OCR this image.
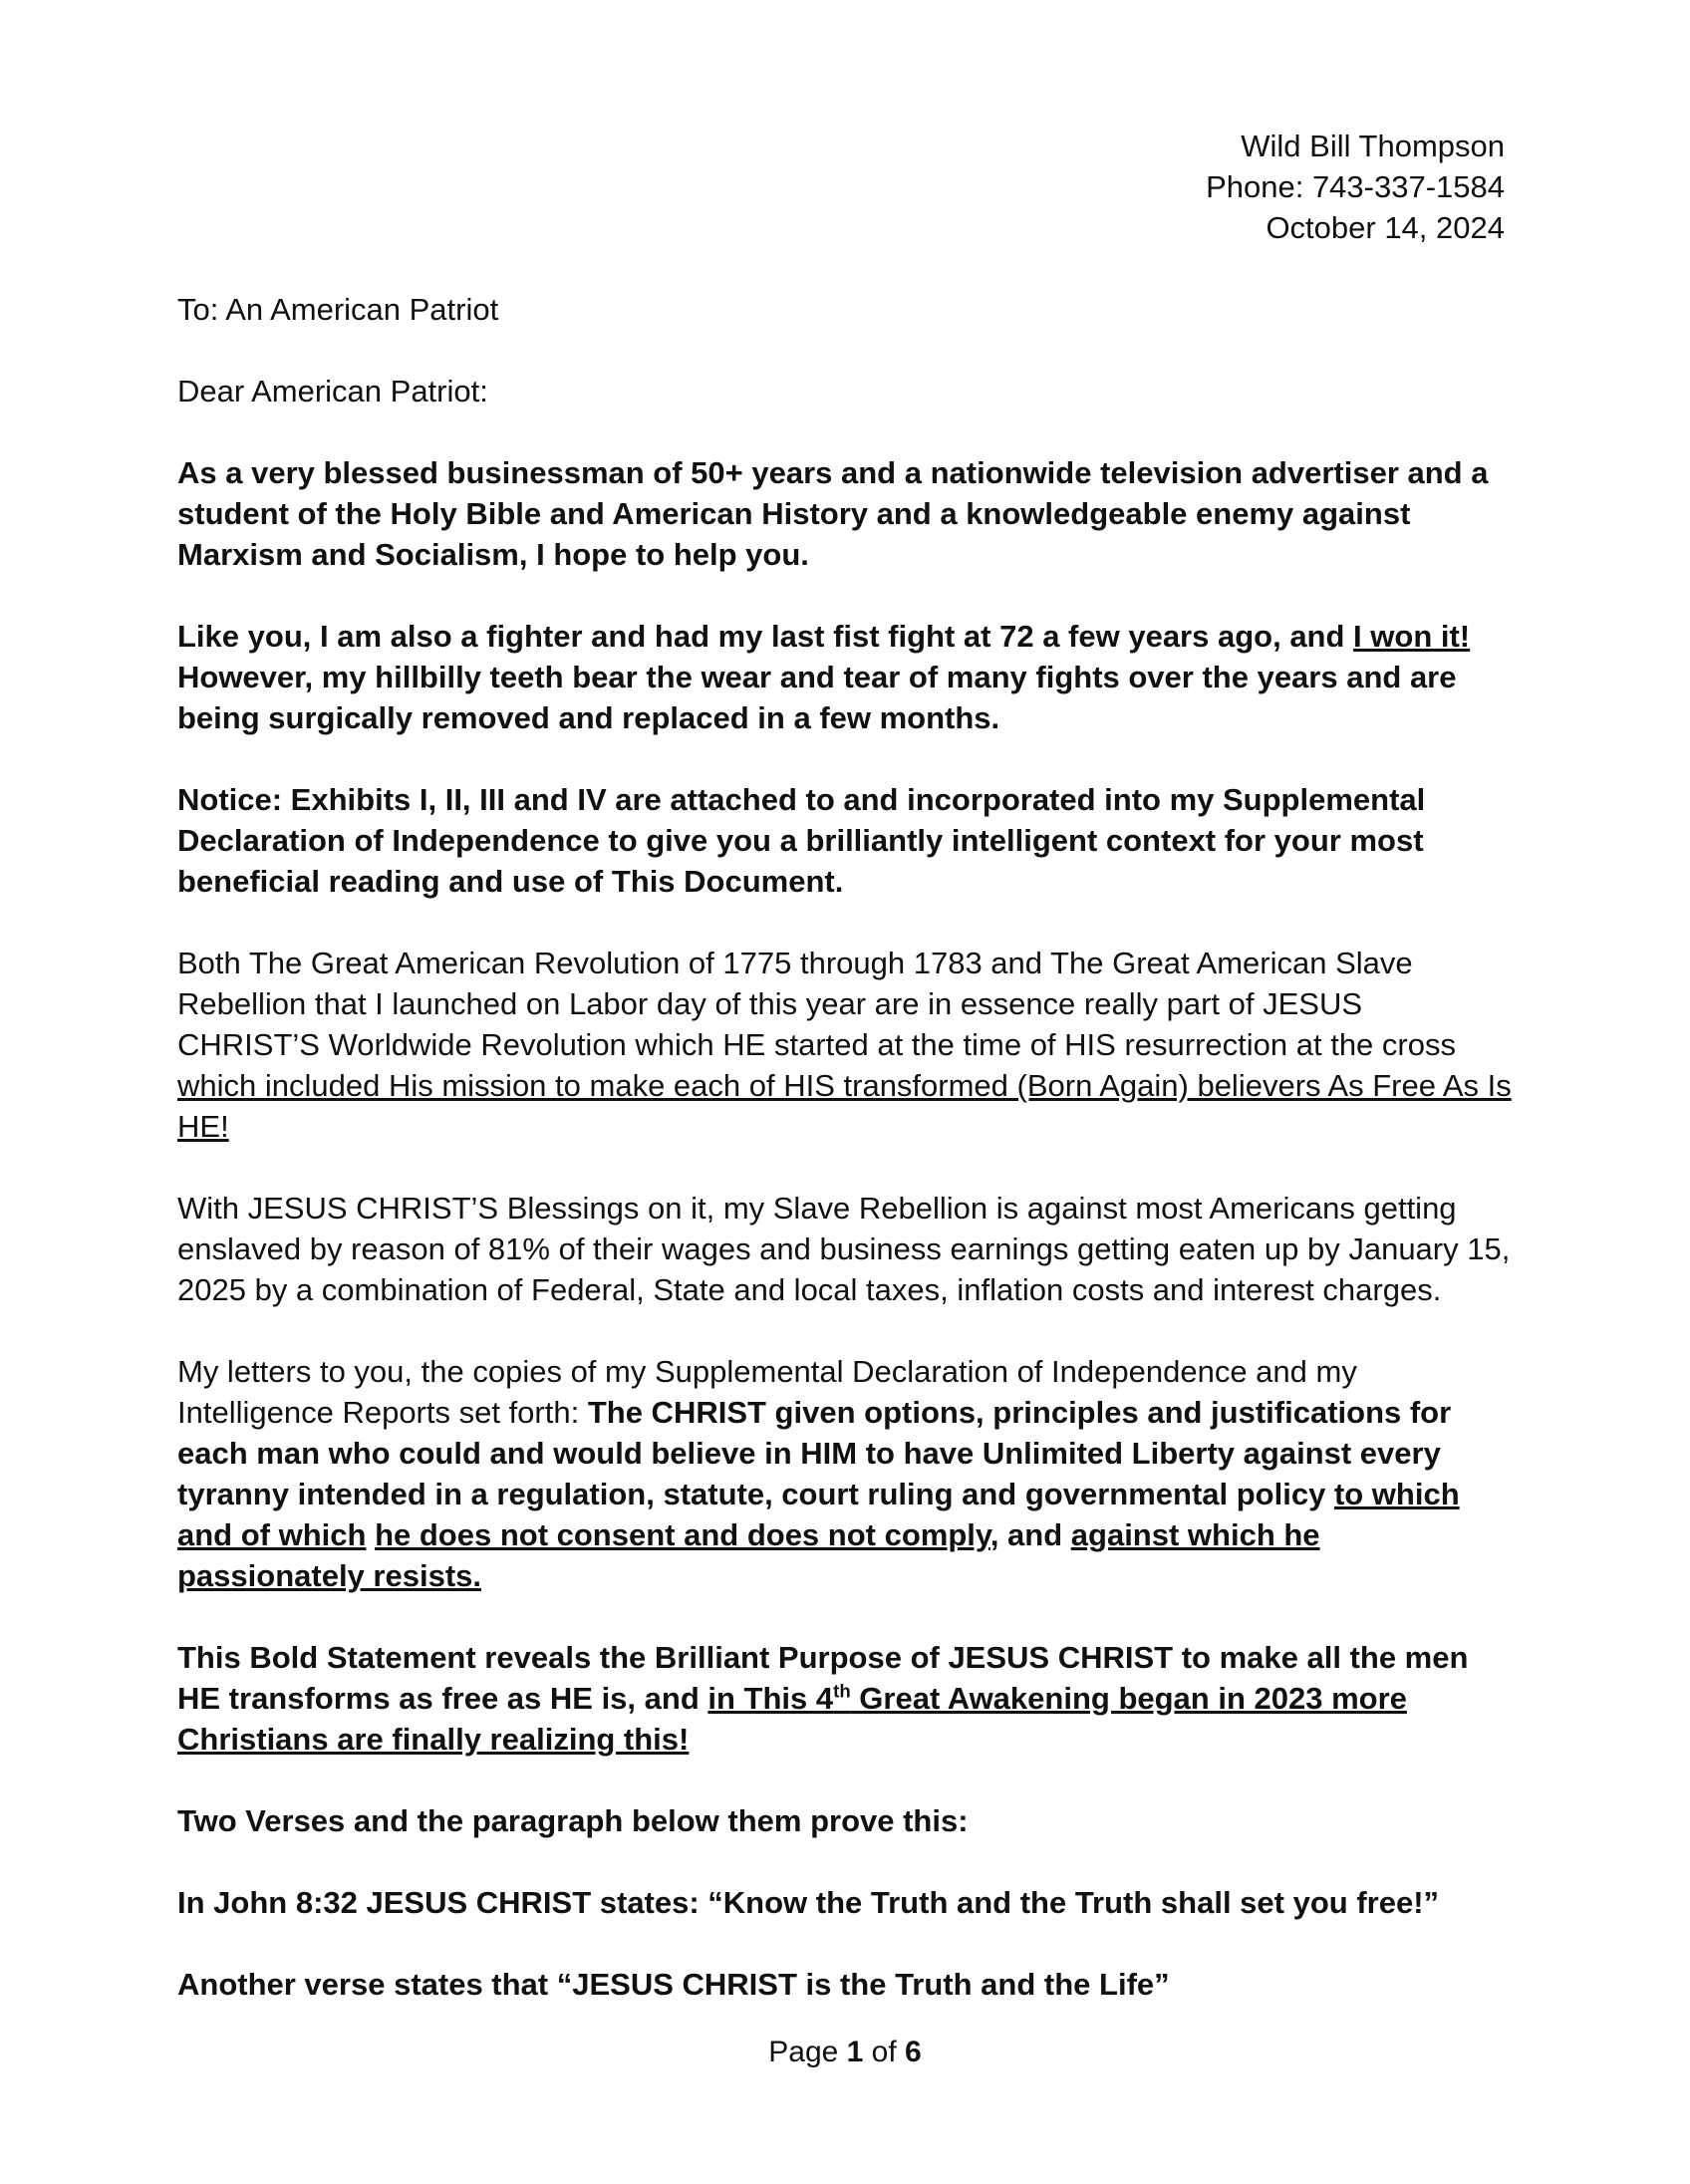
Wild Bill Thompson
Phone: 743-337-1584
October 14, 2024

To: An American Patriot

Dear American Patriot:

As a very blessed businessman of 50+ years and a nationwide television advertiser and a student of the Holy Bible and American History and a knowledgeable enemy against Marxism and Socialism, I hope to help you.

Like you, I am also a fighter and had my last fist fight at 72 a few years ago, and I won it! However, my hillbilly teeth bear the wear and tear of many fights over the years and are being surgically removed and replaced in a few months.

Notice: Exhibits I, II, III and IV are attached to and incorporated into my Supplemental Declaration of Independence to give you a brilliantly intelligent context for your most beneficial reading and use of This Document.

Both The Great American Revolution of 1775 through 1783 and The Great American Slave Rebellion that I launched on Labor day of this year are in essence really part of JESUS CHRIST’S Worldwide Revolution which HE started at the time of HIS resurrection at the cross which included His mission to make each of HIS transformed (Born Again) believers As Free As Is HE!

With JESUS CHRIST’S Blessings on it, my Slave Rebellion is against most Americans getting enslaved by reason of 81% of their wages and business earnings getting eaten up by January 15, 2025 by a combination of Federal, State and local taxes, inflation costs and interest charges.

My letters to you, the copies of my Supplemental Declaration of Independence and my Intelligence Reports set forth: The CHRIST given options, principles and justifications for each man who could and would believe in HIM to have Unlimited Liberty against every tyranny intended in a regulation, statute, court ruling and governmental policy to which and of which he does not consent and does not comply, and against which he passionately resists.

This Bold Statement reveals the Brilliant Purpose of JESUS CHRIST to make all the men HE transforms as free as HE is, and in This 4th Great Awakening began in 2023 more Christians are finally realizing this!

Two Verses and the paragraph below them prove this:

In John 8:32 JESUS CHRIST states: “Know the Truth and the Truth shall set you free!”

Another verse states that “JESUS CHRIST is the Truth and the Life”

Page 1 of 6
